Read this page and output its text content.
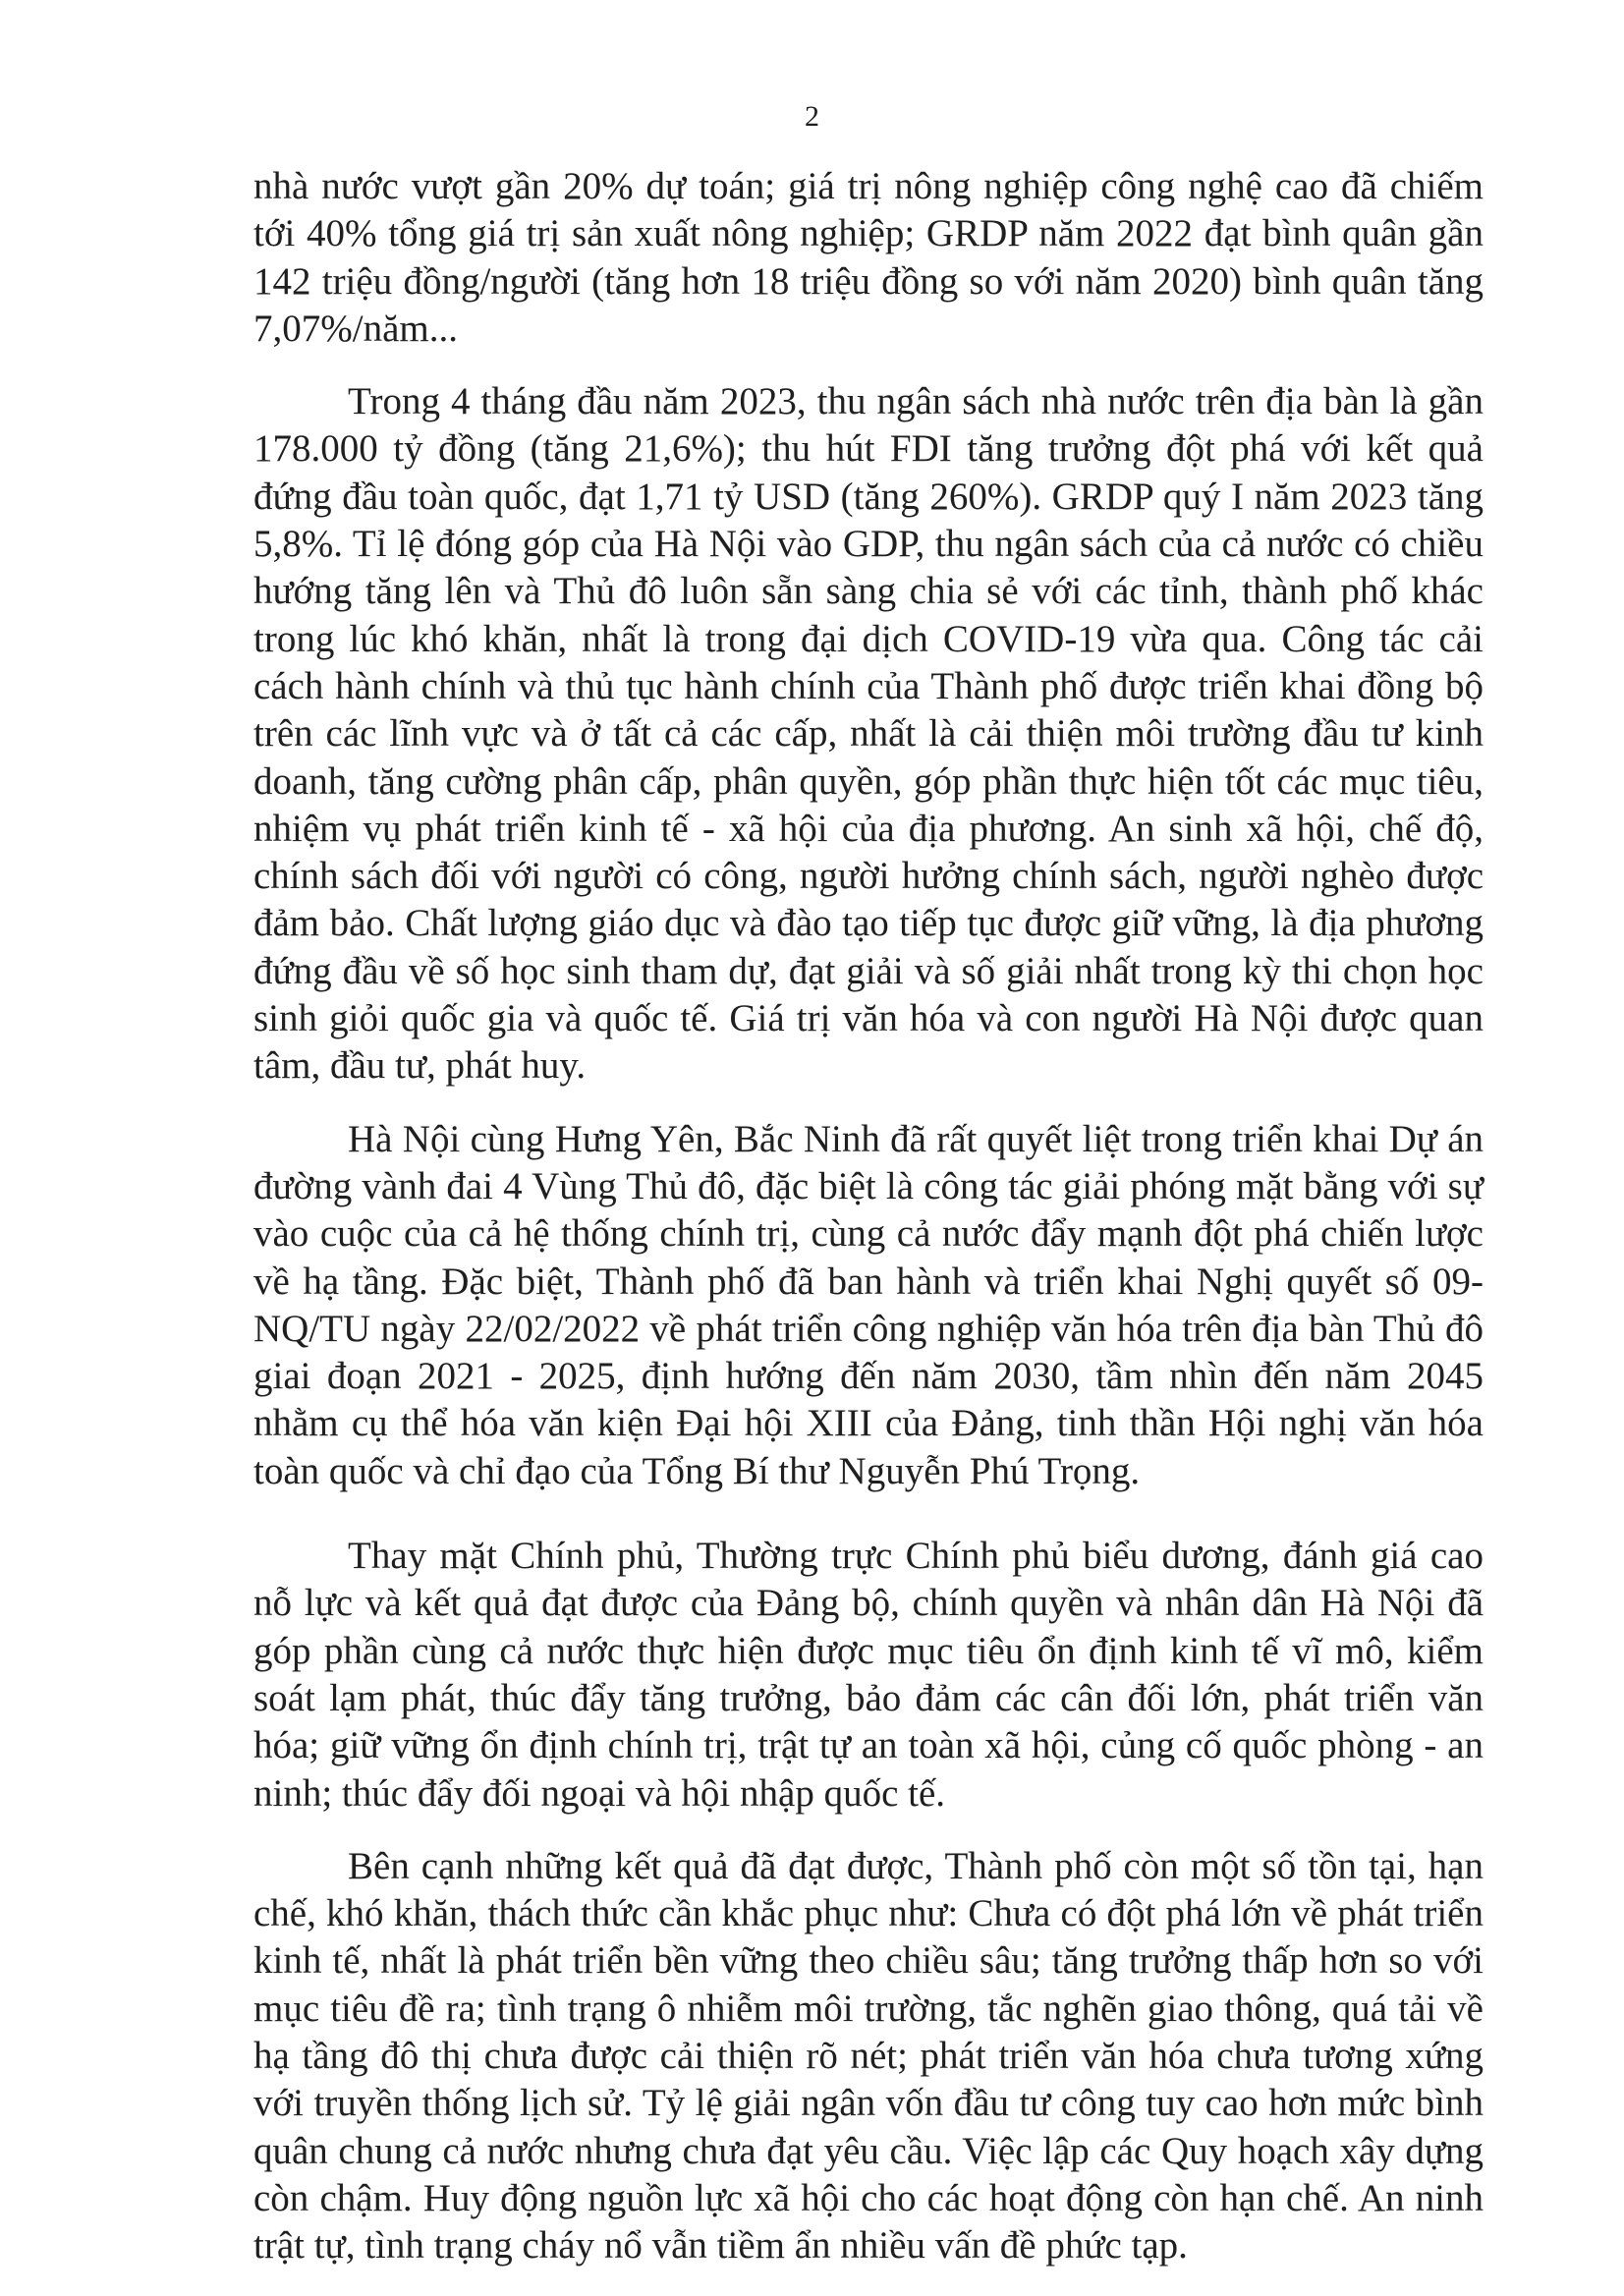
2

nhà nước vượt gần 20% dự toán; giá trị nông nghiệp công nghệ cao đã chiếm tới 40% tổng giá trị sản xuất nông nghiệp; GRDP năm 2022 đạt bình quân gần 142 triệu đồng/người (tăng hơn 18 triệu đồng so với năm 2020) bình quân tăng 7,07%/năm...

Trong 4 tháng đầu năm 2023, thu ngân sách nhà nước trên địa bàn là gần 178.000 tỷ đồng (tăng 21,6%); thu hút FDI tăng trưởng đột phá với kết quả đứng đầu toàn quốc, đạt 1,71 tỷ USD (tăng 260%). GRDP quý I năm 2023 tăng 5,8%. Tỉ lệ đóng góp của Hà Nội vào GDP, thu ngân sách của cả nước có chiều hướng tăng lên và Thủ đô luôn sẵn sàng chia sẻ với các tỉnh, thành phố khác trong lúc khó khăn, nhất là trong đại dịch COVID-19 vừa qua. Công tác cải cách hành chính và thủ tục hành chính của Thành phố được triển khai đồng bộ trên các lĩnh vực và ở tất cả các cấp, nhất là cải thiện môi trường đầu tư kinh doanh, tăng cường phân cấp, phân quyền, góp phần thực hiện tốt các mục tiêu, nhiệm vụ phát triển kinh tế - xã hội của địa phương. An sinh xã hội, chế độ, chính sách đối với người có công, người hưởng chính sách, người nghèo được đảm bảo. Chất lượng giáo dục và đào tạo tiếp tục được giữ vững, là địa phương đứng đầu về số học sinh tham dự, đạt giải và số giải nhất trong kỳ thi chọn học sinh giỏi quốc gia và quốc tế. Giá trị văn hóa và con người Hà Nội được quan tâm, đầu tư, phát huy.

Hà Nội cùng Hưng Yên, Bắc Ninh đã rất quyết liệt trong triển khai Dự án đường vành đai 4 Vùng Thủ đô, đặc biệt là công tác giải phóng mặt bằng với sự vào cuộc của cả hệ thống chính trị, cùng cả nước đẩy mạnh đột phá chiến lược về hạ tầng. Đặc biệt, Thành phố đã ban hành và triển khai Nghị quyết số 09-NQ/TU ngày 22/02/2022 về phát triển công nghiệp văn hóa trên địa bàn Thủ đô giai đoạn 2021 - 2025, định hướng đến năm 2030, tầm nhìn đến năm 2045 nhằm cụ thể hóa văn kiện Đại hội XIII của Đảng, tinh thần Hội nghị văn hóa toàn quốc và chỉ đạo của Tổng Bí thư Nguyễn Phú Trọng.

Thay mặt Chính phủ, Thường trực Chính phủ biểu dương, đánh giá cao nỗ lực và kết quả đạt được của Đảng bộ, chính quyền và nhân dân Hà Nội đã góp phần cùng cả nước thực hiện được mục tiêu ổn định kinh tế vĩ mô, kiểm soát lạm phát, thúc đẩy tăng trưởng, bảo đảm các cân đối lớn, phát triển văn hóa; giữ vững ổn định chính trị, trật tự an toàn xã hội, củng cố quốc phòng - an ninh; thúc đẩy đối ngoại và hội nhập quốc tế.

Bên cạnh những kết quả đã đạt được, Thành phố còn một số tồn tại, hạn chế, khó khăn, thách thức cần khắc phục như: Chưa có đột phá lớn về phát triển kinh tế, nhất là phát triển bền vững theo chiều sâu; tăng trưởng thấp hơn so với mục tiêu đề ra; tình trạng ô nhiễm môi trường, tắc nghẽn giao thông, quá tải về hạ tầng đô thị chưa được cải thiện rõ nét; phát triển văn hóa chưa tương xứng với truyền thống lịch sử. Tỷ lệ giải ngân vốn đầu tư công tuy cao hơn mức bình quân chung cả nước nhưng chưa đạt yêu cầu. Việc lập các Quy hoạch xây dựng còn chậm. Huy động nguồn lực xã hội cho các hoạt động còn hạn chế. An ninh trật tự, tình trạng cháy nổ vẫn tiềm ẩn nhiều vấn đề phức tạp.
